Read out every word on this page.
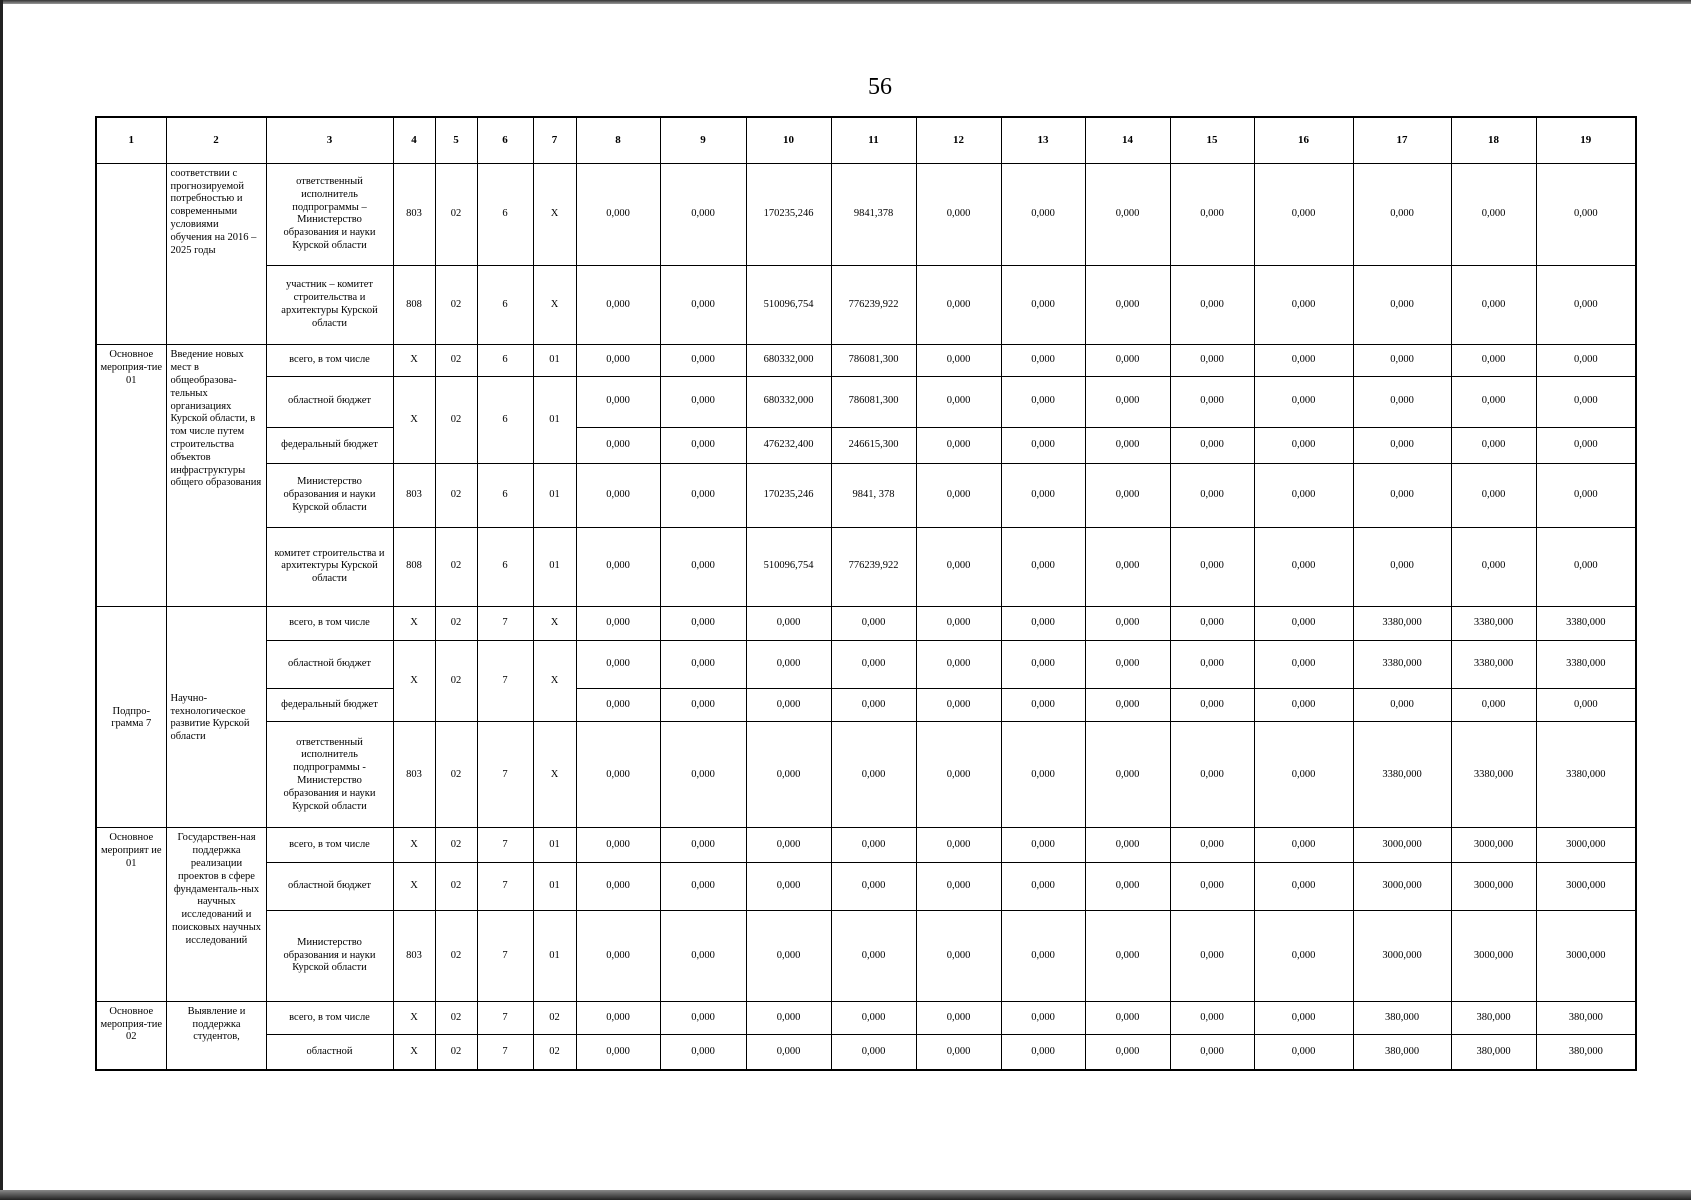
56
1	2	3	4	5	6	7	8	9	10	11	12	13	14	15	16	17	18	19
	соответствии с прогнозируемой потребностью и современными условиями обучения на 2016 – 2025 годы	ответственный исполнитель подпрограммы – Министерство образования и науки Курской области	803	02	6	X	0,000	0,000	170235,246	9841,378	0,000	0,000	0,000	0,000	0,000	0,000	0,000	0,000
		участник – комитет строительства и архитектуры Курской области	808	02	6	X	0,000	0,000	510096,754	776239,922	0,000	0,000	0,000	0,000	0,000	0,000	0,000	0,000
Основное мероприя-тие 01	Введение новых мест в общеобразова-тельных организациях Курской области, в том числе путем строительства объектов инфраструктуры общего образования	всего, в том числе	X	02	6	01	0,000	0,000	680332,000	786081,300	0,000	0,000	0,000	0,000	0,000	0,000	0,000	0,000
		областной бюджет	X	02	6	01	0,000	0,000	680332,000	786081,300	0,000	0,000	0,000	0,000	0,000	0,000	0,000	0,000
		федеральный бюджет					0,000	0,000	476232,400	246615,300	0,000	0,000	0,000	0,000	0,000	0,000	0,000	0,000
		Министерство образования и науки Курской области	803	02	6	01	0,000	0,000	170235,246	9841, 378	0,000	0,000	0,000	0,000	0,000	0,000	0,000	0,000
		комитет строительства и архитектуры Курской области	808	02	6	01	0,000	0,000	510096,754	776239,922	0,000	0,000	0,000	0,000	0,000	0,000	0,000	0,000
Подпро-грамма 7	Научно-технологическое развитие Курской области	всего, в том числе	X	02	7	X	0,000	0,000	0,000	0,000	0,000	0,000	0,000	0,000	0,000	3380,000	3380,000	3380,000
		областной бюджет	X	02	7	X	0,000	0,000	0,000	0,000	0,000	0,000	0,000	0,000	0,000	3380,000	3380,000	3380,000
		федеральный бюджет					0,000	0,000	0,000	0,000	0,000	0,000	0,000	0,000	0,000	0,000	0,000	0,000
		ответственный исполнитель подпрограммы - Министерство образования и науки Курской области	803	02	7	X	0,000	0,000	0,000	0,000	0,000	0,000	0,000	0,000	0,000	3380,000	3380,000	3380,000
Основное мероприят ие 01	Государствен-ная поддержка реализации проектов в сфере фундаменталь-ных научных исследований и поисковых научных исследований	всего, в том числе	X	02	7	01	0,000	0,000	0,000	0,000	0,000	0,000	0,000	0,000	0,000	3000,000	3000,000	3000,000
		областной бюджет	X	02	7	01	0,000	0,000	0,000	0,000	0,000	0,000	0,000	0,000	0,000	3000,000	3000,000	3000,000
		Министерство образования и науки Курской области	803	02	7	01	0,000	0,000	0,000	0,000	0,000	0,000	0,000	0,000	0,000	3000,000	3000,000	3000,000
Основное мероприя-тие 02	Выявление и поддержка студентов,	всего, в том числе	X	02	7	02	0,000	0,000	0,000	0,000	0,000	0,000	0,000	0,000	0,000	380,000	380,000	380,000
		областной	X	02	7	02	0,000	0,000	0,000	0,000	0,000	0,000	0,000	0,000	0,000	380,000	380,000	380,000
